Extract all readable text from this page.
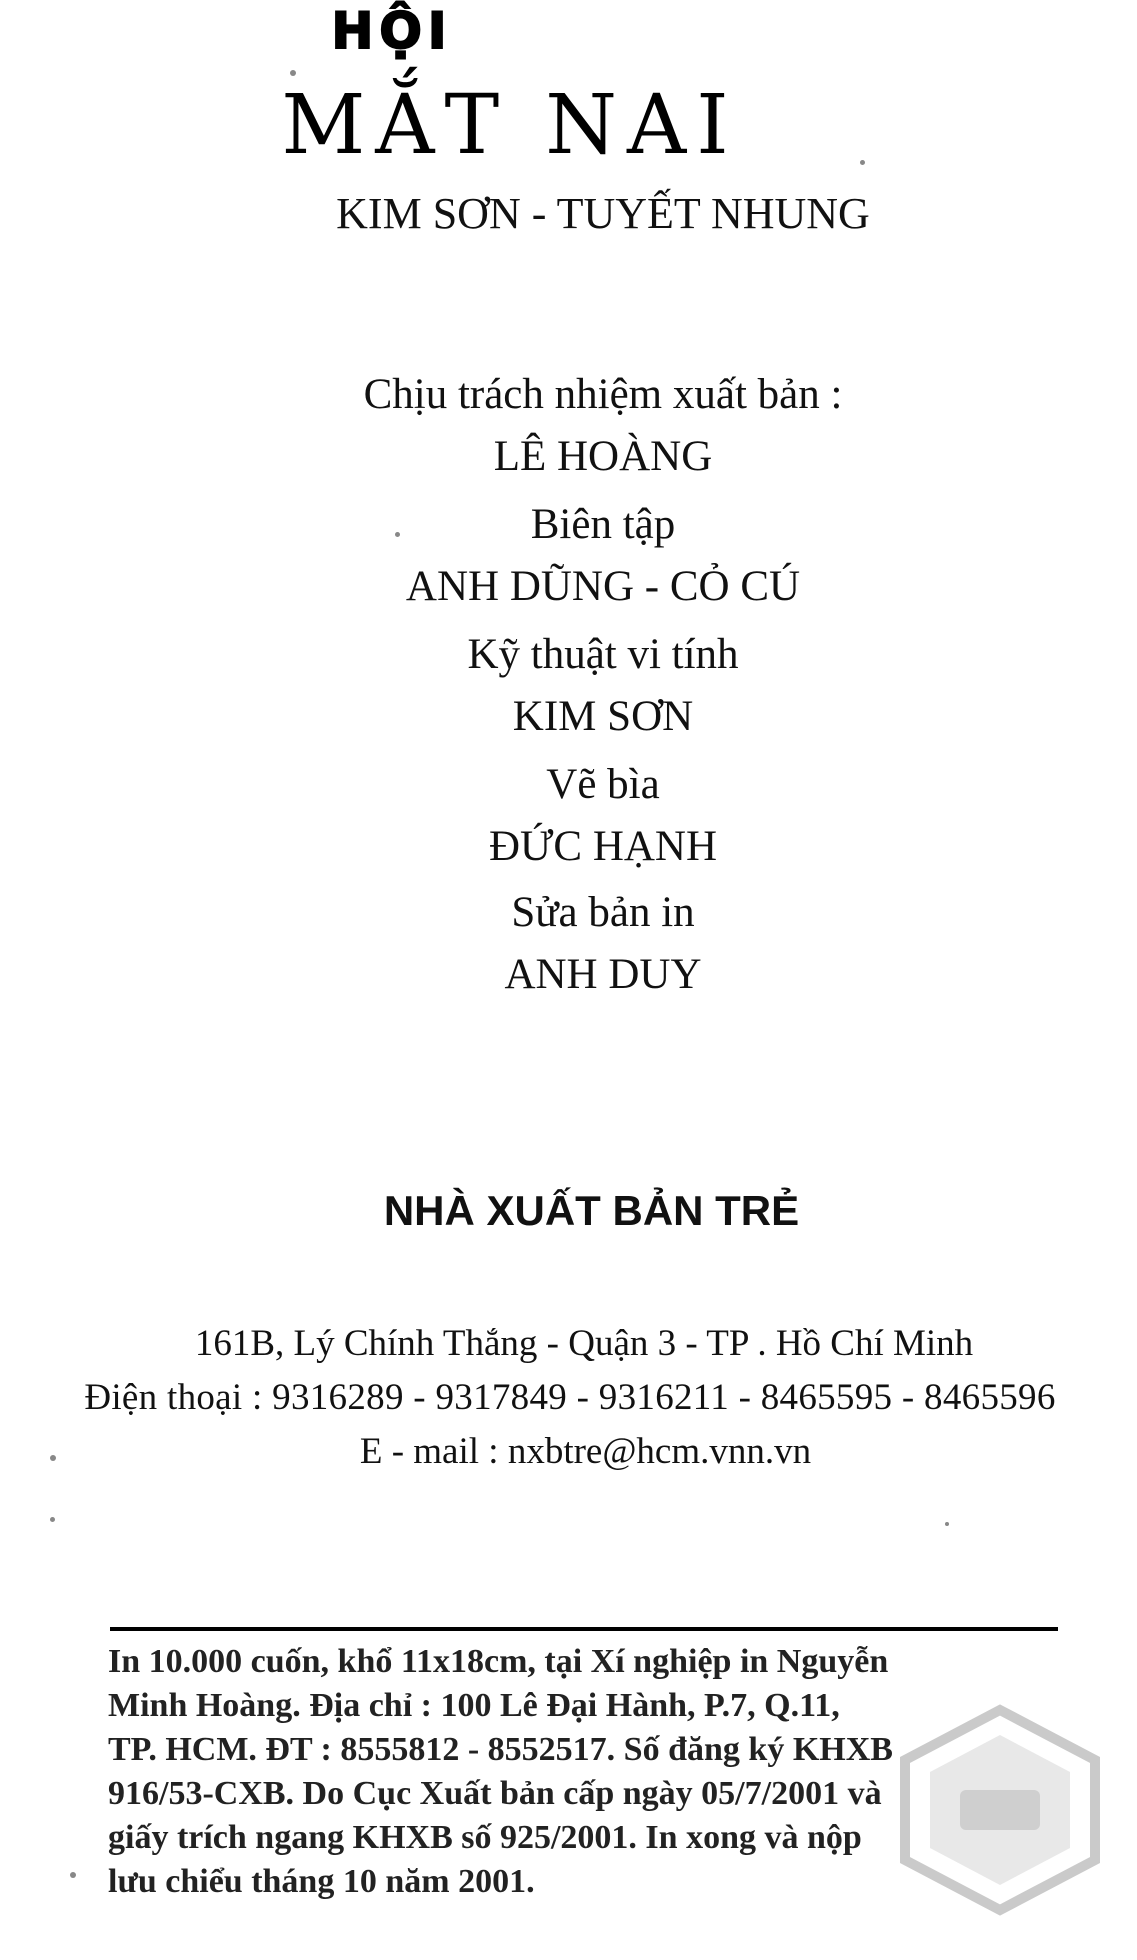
HỘI
MẮT NAI
KIM SƠN - TUYẾT NHUNG
Chịu trách nhiệm xuất bản :
LÊ HOÀNG
Biên tập
ANH DŨNG - CỎ CÚ
Kỹ thuật vi tính
KIM SƠN
Vẽ bìa
ĐỨC HẠNH
Sửa bản in
ANH DUY
NHÀ XUẤT BẢN TRẺ
161B, Lý Chính Thắng - Quận 3 - TP . Hồ Chí Minh
Điện thoại : 9316289 - 9317849 - 9316211 - 8465595 - 8465596
E - mail : nxbtre@hcm.vnn.vn
In 10.000 cuốn, khổ 11x18cm, tại Xí nghiệp in Nguyễn
Minh Hoàng. Địa chỉ : 100 Lê Đại Hành, P.7, Q.11,
TP. HCM. ĐT : 8555812 - 8552517. Số đăng ký KHXB
916/53-CXB. Do Cục Xuất bản cấp ngày 05/7/2001 và
giấy trích ngang KHXB số 925/2001. In xong và nộp
lưu chiểu tháng 10 năm 2001.
